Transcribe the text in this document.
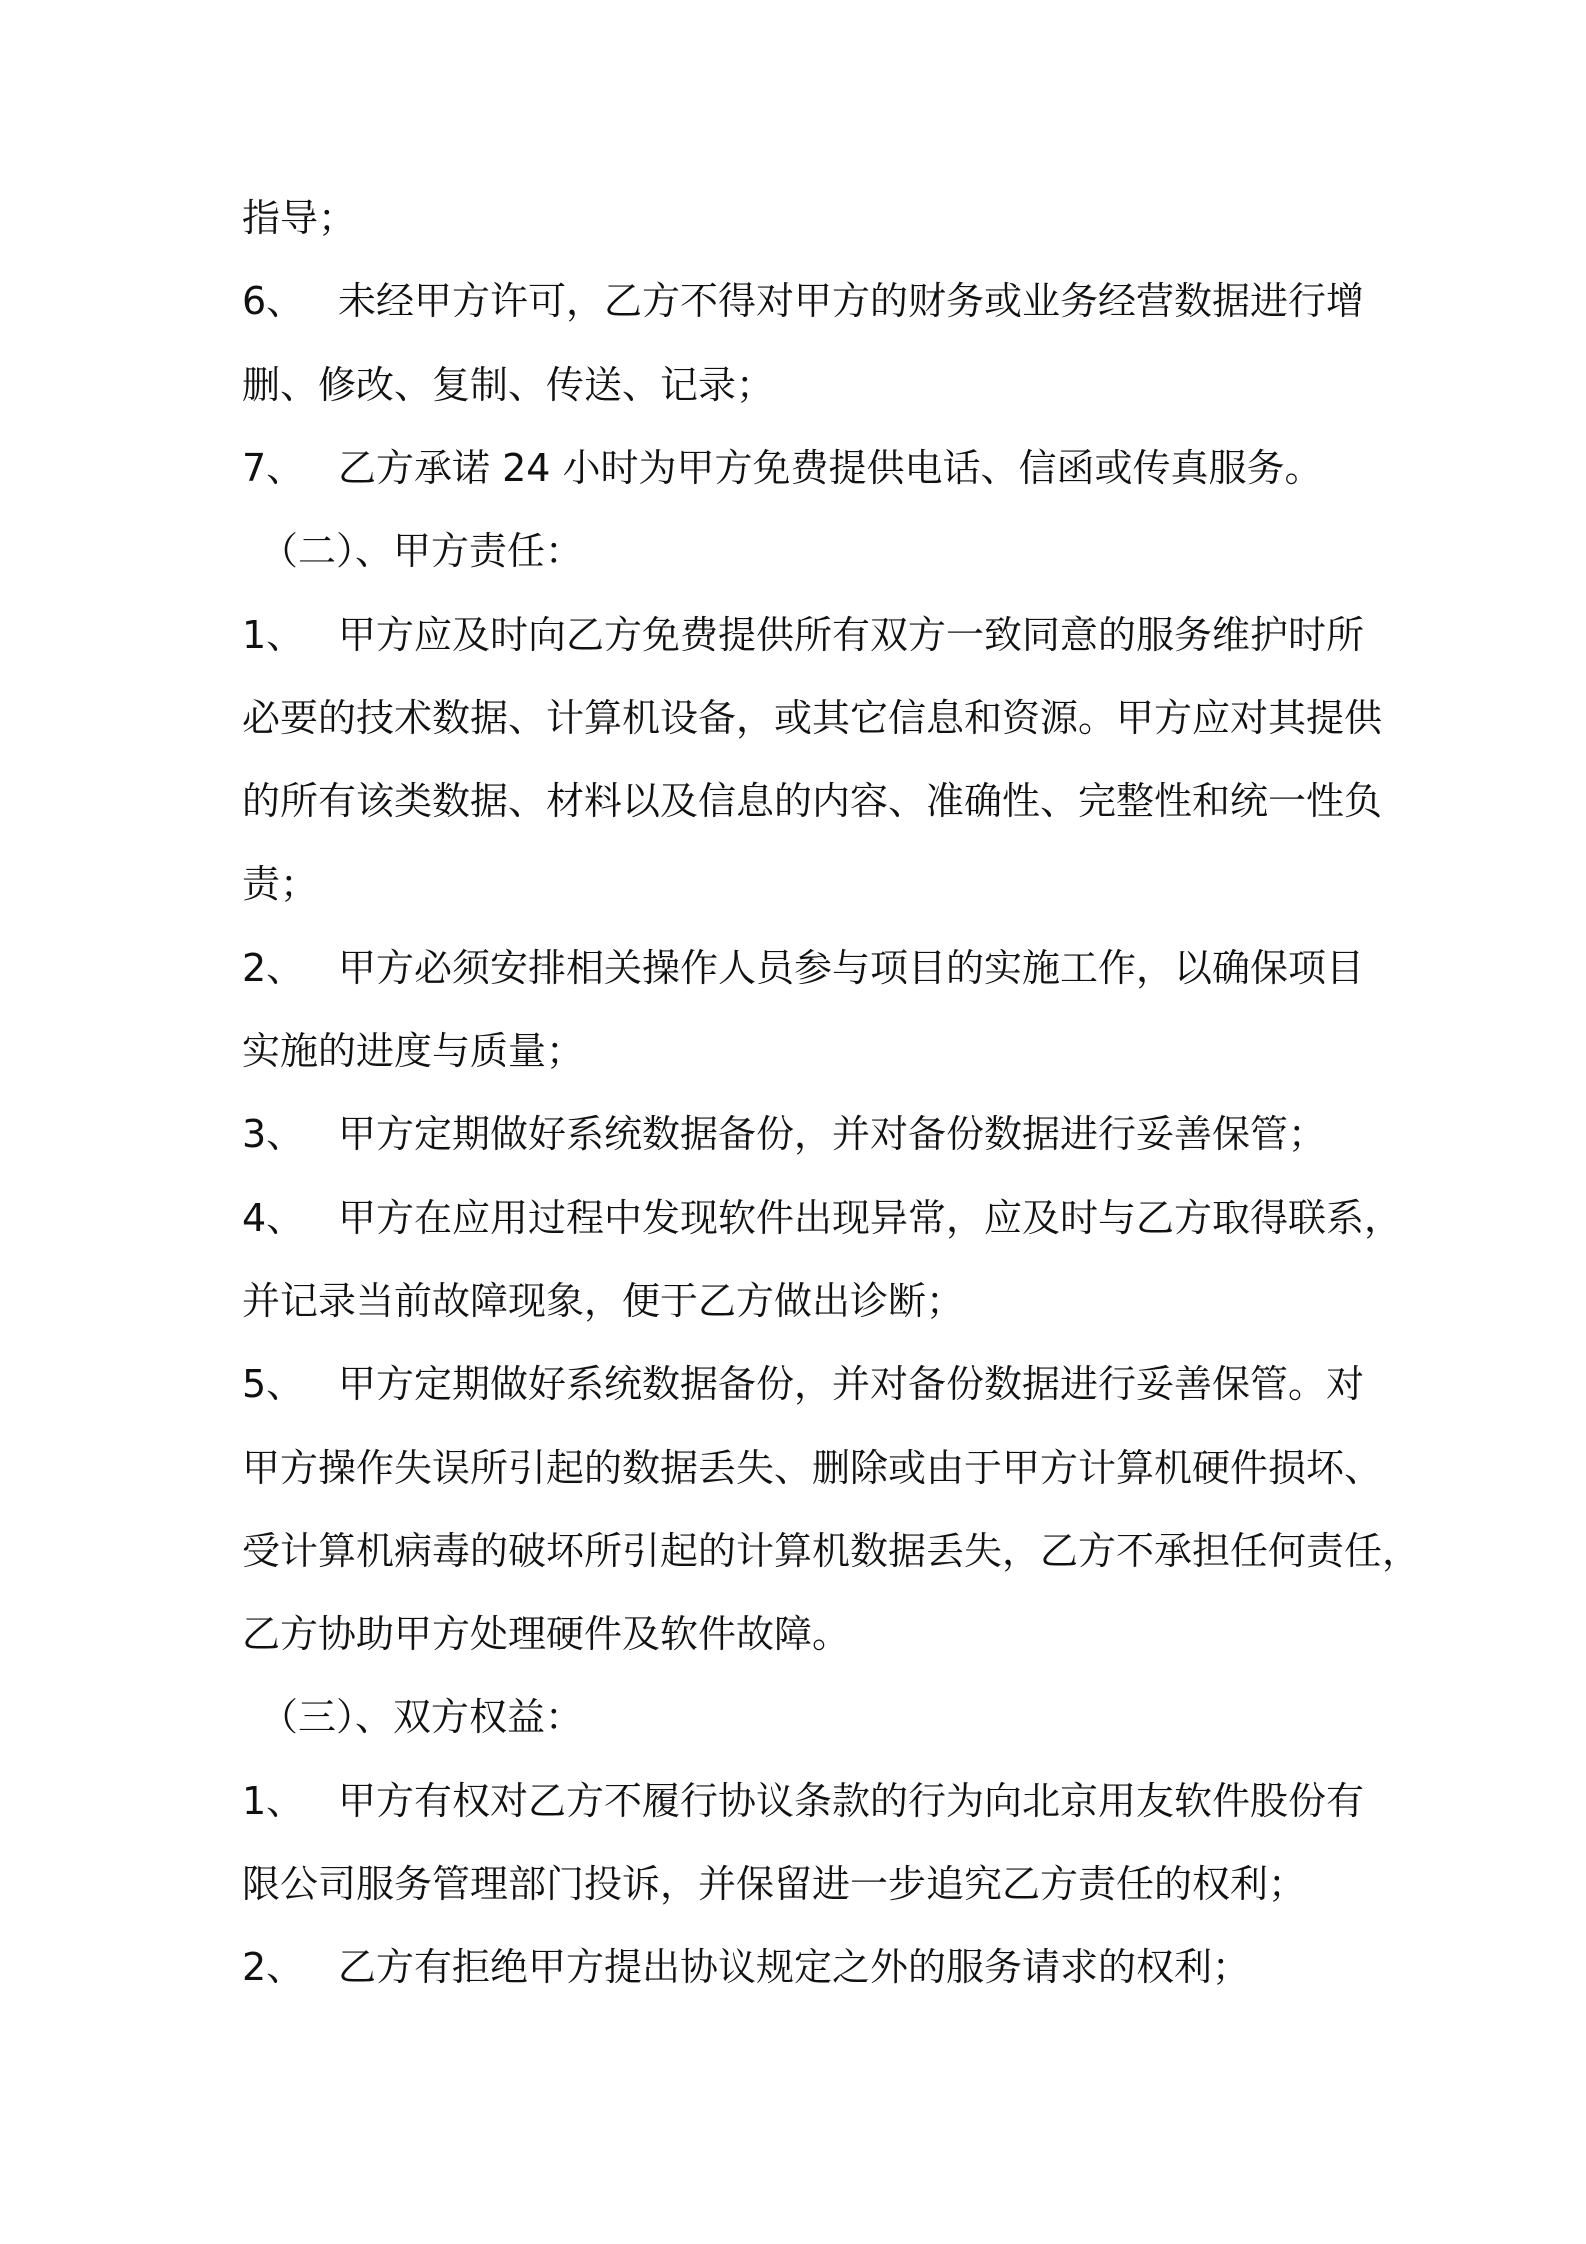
指导；
6、 未经甲方许可，乙方不得对甲方的财务或业务经营数据进行增
删、修改、复制、传送、记录；
7、 乙方承诺 24 小时为甲方免费提供电话、信函或传真服务。
（二）、甲方责任：
1、 甲方应及时向乙方免费提供所有双方一致同意的服务维护时所
必要的技术数据、计算机设备，或其它信息和资源。甲方应对其提供
的所有该类数据、材料以及信息的内容、准确性、完整性和统一性负
责；
2、 甲方必须安排相关操作人员参与项目的实施工作，以确保项目
实施的进度与质量；
3、 甲方定期做好系统数据备份，并对备份数据进行妥善保管；
4、 甲方在应用过程中发现软件出现异常，应及时与乙方取得联系，
并记录当前故障现象，便于乙方做出诊断；
5、 甲方定期做好系统数据备份，并对备份数据进行妥善保管。对
甲方操作失误所引起的数据丢失、删除或由于甲方计算机硬件损坏、
受计算机病毒的破坏所引起的计算机数据丢失，乙方不承担任何责任，
乙方协助甲方处理硬件及软件故障。
（三）、双方权益：
1、 甲方有权对乙方不履行协议条款的行为向北京用友软件股份有
限公司服务管理部门投诉，并保留进一步追究乙方责任的权利；
2、 乙方有拒绝甲方提出协议规定之外的服务请求的权利；
